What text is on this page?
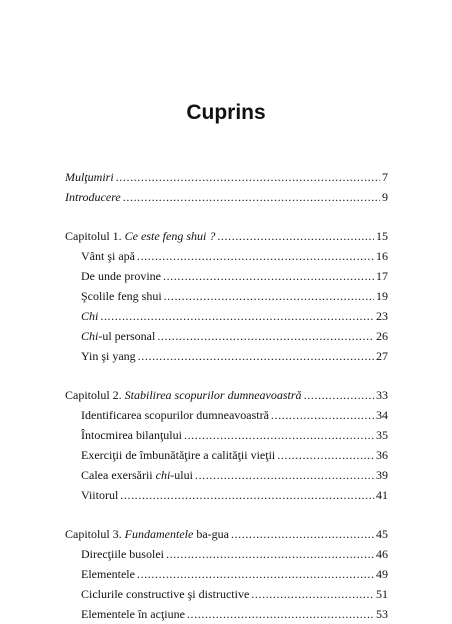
Cuprins
Mulţumiri . . .	7
Introducere . . .	9
Capitolul 1. Ce este feng shui ? . . .	15
Vânt şi apă . . .	16
De unde provine . . .	17
Şcolile feng shui . . .	19
Chi . . .	23
Chi-ul personal . . .	26
Yin şi yang . . .	27
Capitolul 2. Stabilirea scopurilor dumneavoastră . . .	33
Identificarea scopurilor dumneavoastră . . .	34
Întocmirea bilanţului . . .	35
Exerciţii de îmbunătăţire a calităţii vieţii . . .	36
Calea exersării chi-ului . . .	39
Viitorul . . .	41
Capitolul 3. Fundamentele ba-gua . . .	45
Direcţiile busolei . . .	46
Elementele . . .	49
Ciclurile constructive şi distructive . . .	51
Elementele în acţiune . . .	53
